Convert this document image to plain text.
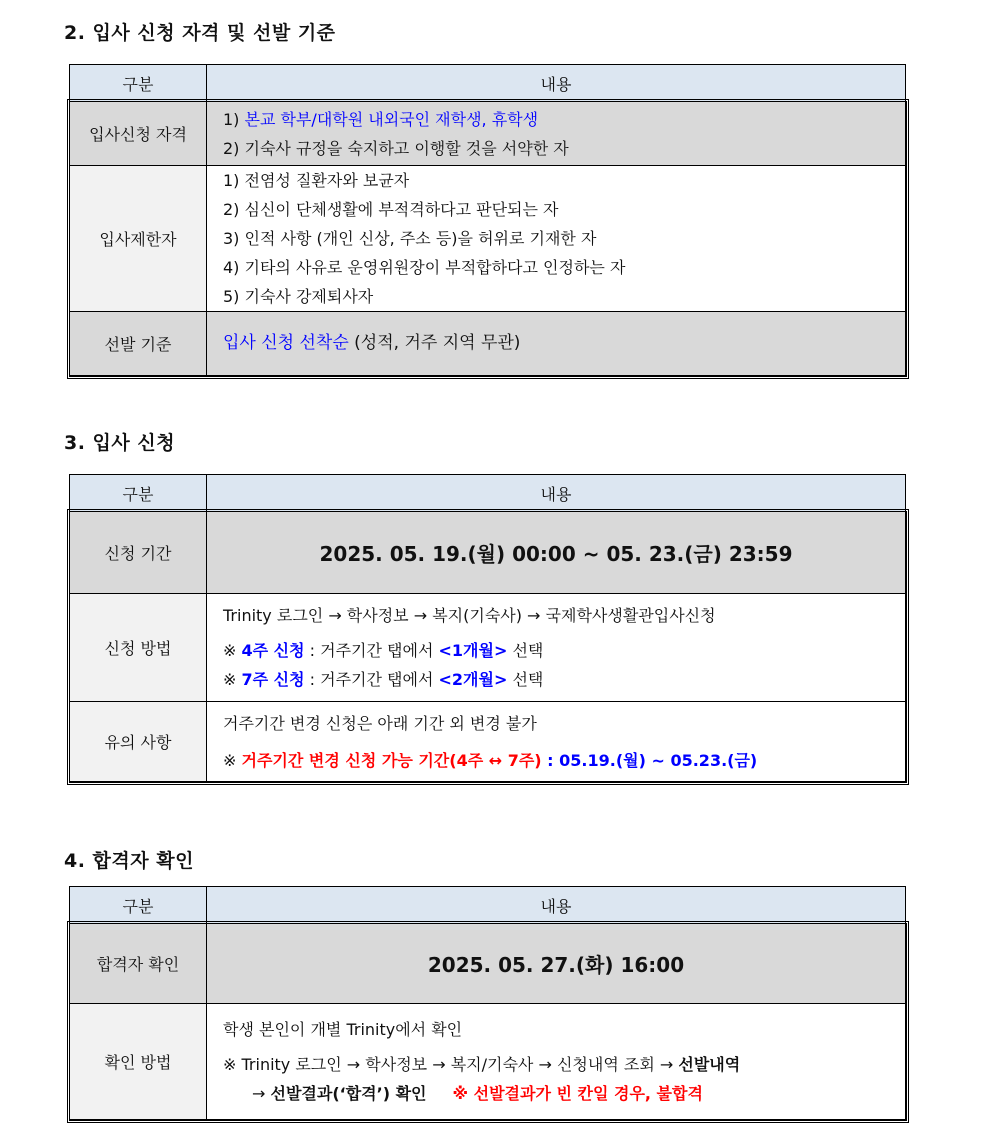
2. 입사 신청 자격 및 선발 기준
구분	내용
입사신청 자격	1) 본교 학부/대학원 내외국인 재학생, 휴학생
2) 기숙사 규정을 숙지하고 이행할 것을 서약한 자

입사제한자	1) 전염성 질환자와 보균자
2) 심신이 단체생활에 부적격하다고 판단되는 자
3) 인적 사항 (개인 신상, 주소 등)을 허위로 기재한 자
4) 기타의 사유로 운영위원장이 부적합하다고 인정하는 자
5) 기숙사 강제퇴사자

선발 기준	입사 신청 선착순 (성적, 거주 지역 무관)
3. 입사 신청
구분	내용
신청 기간	2025. 05. 19.(월) 00:00 ~ 05. 23.(금) 23:59
신청 방법	Trinity 로그인 → 학사정보 → 복지(기숙사) → 국제학사생활관입사신청
※ 4주 신청 : 거주기간 탭에서 <1개월> 선택
※ 7주 신청 : 거주기간 탭에서 <2개월> 선택

유의 사항	거주기간 변경 신청은 아래 기간 외 변경 불가
※ 거주기간 변경 신청 가능 기간(4주 ↔ 7주) : 05.19.(월) ~ 05.23.(금)
4. 합격자 확인
구분	내용
합격자 확인	2025. 05. 27.(화) 16:00
확인 방법	학생 본인이 개별 Trinity에서 확인
※ Trinity 로그인 → 학사정보 → 복지/기숙사 → 신청내역 조회 → 선발내역
→ 선발결과(‘합격’) 확인 ※ 선발결과가 빈 칸일 경우, 불합격
